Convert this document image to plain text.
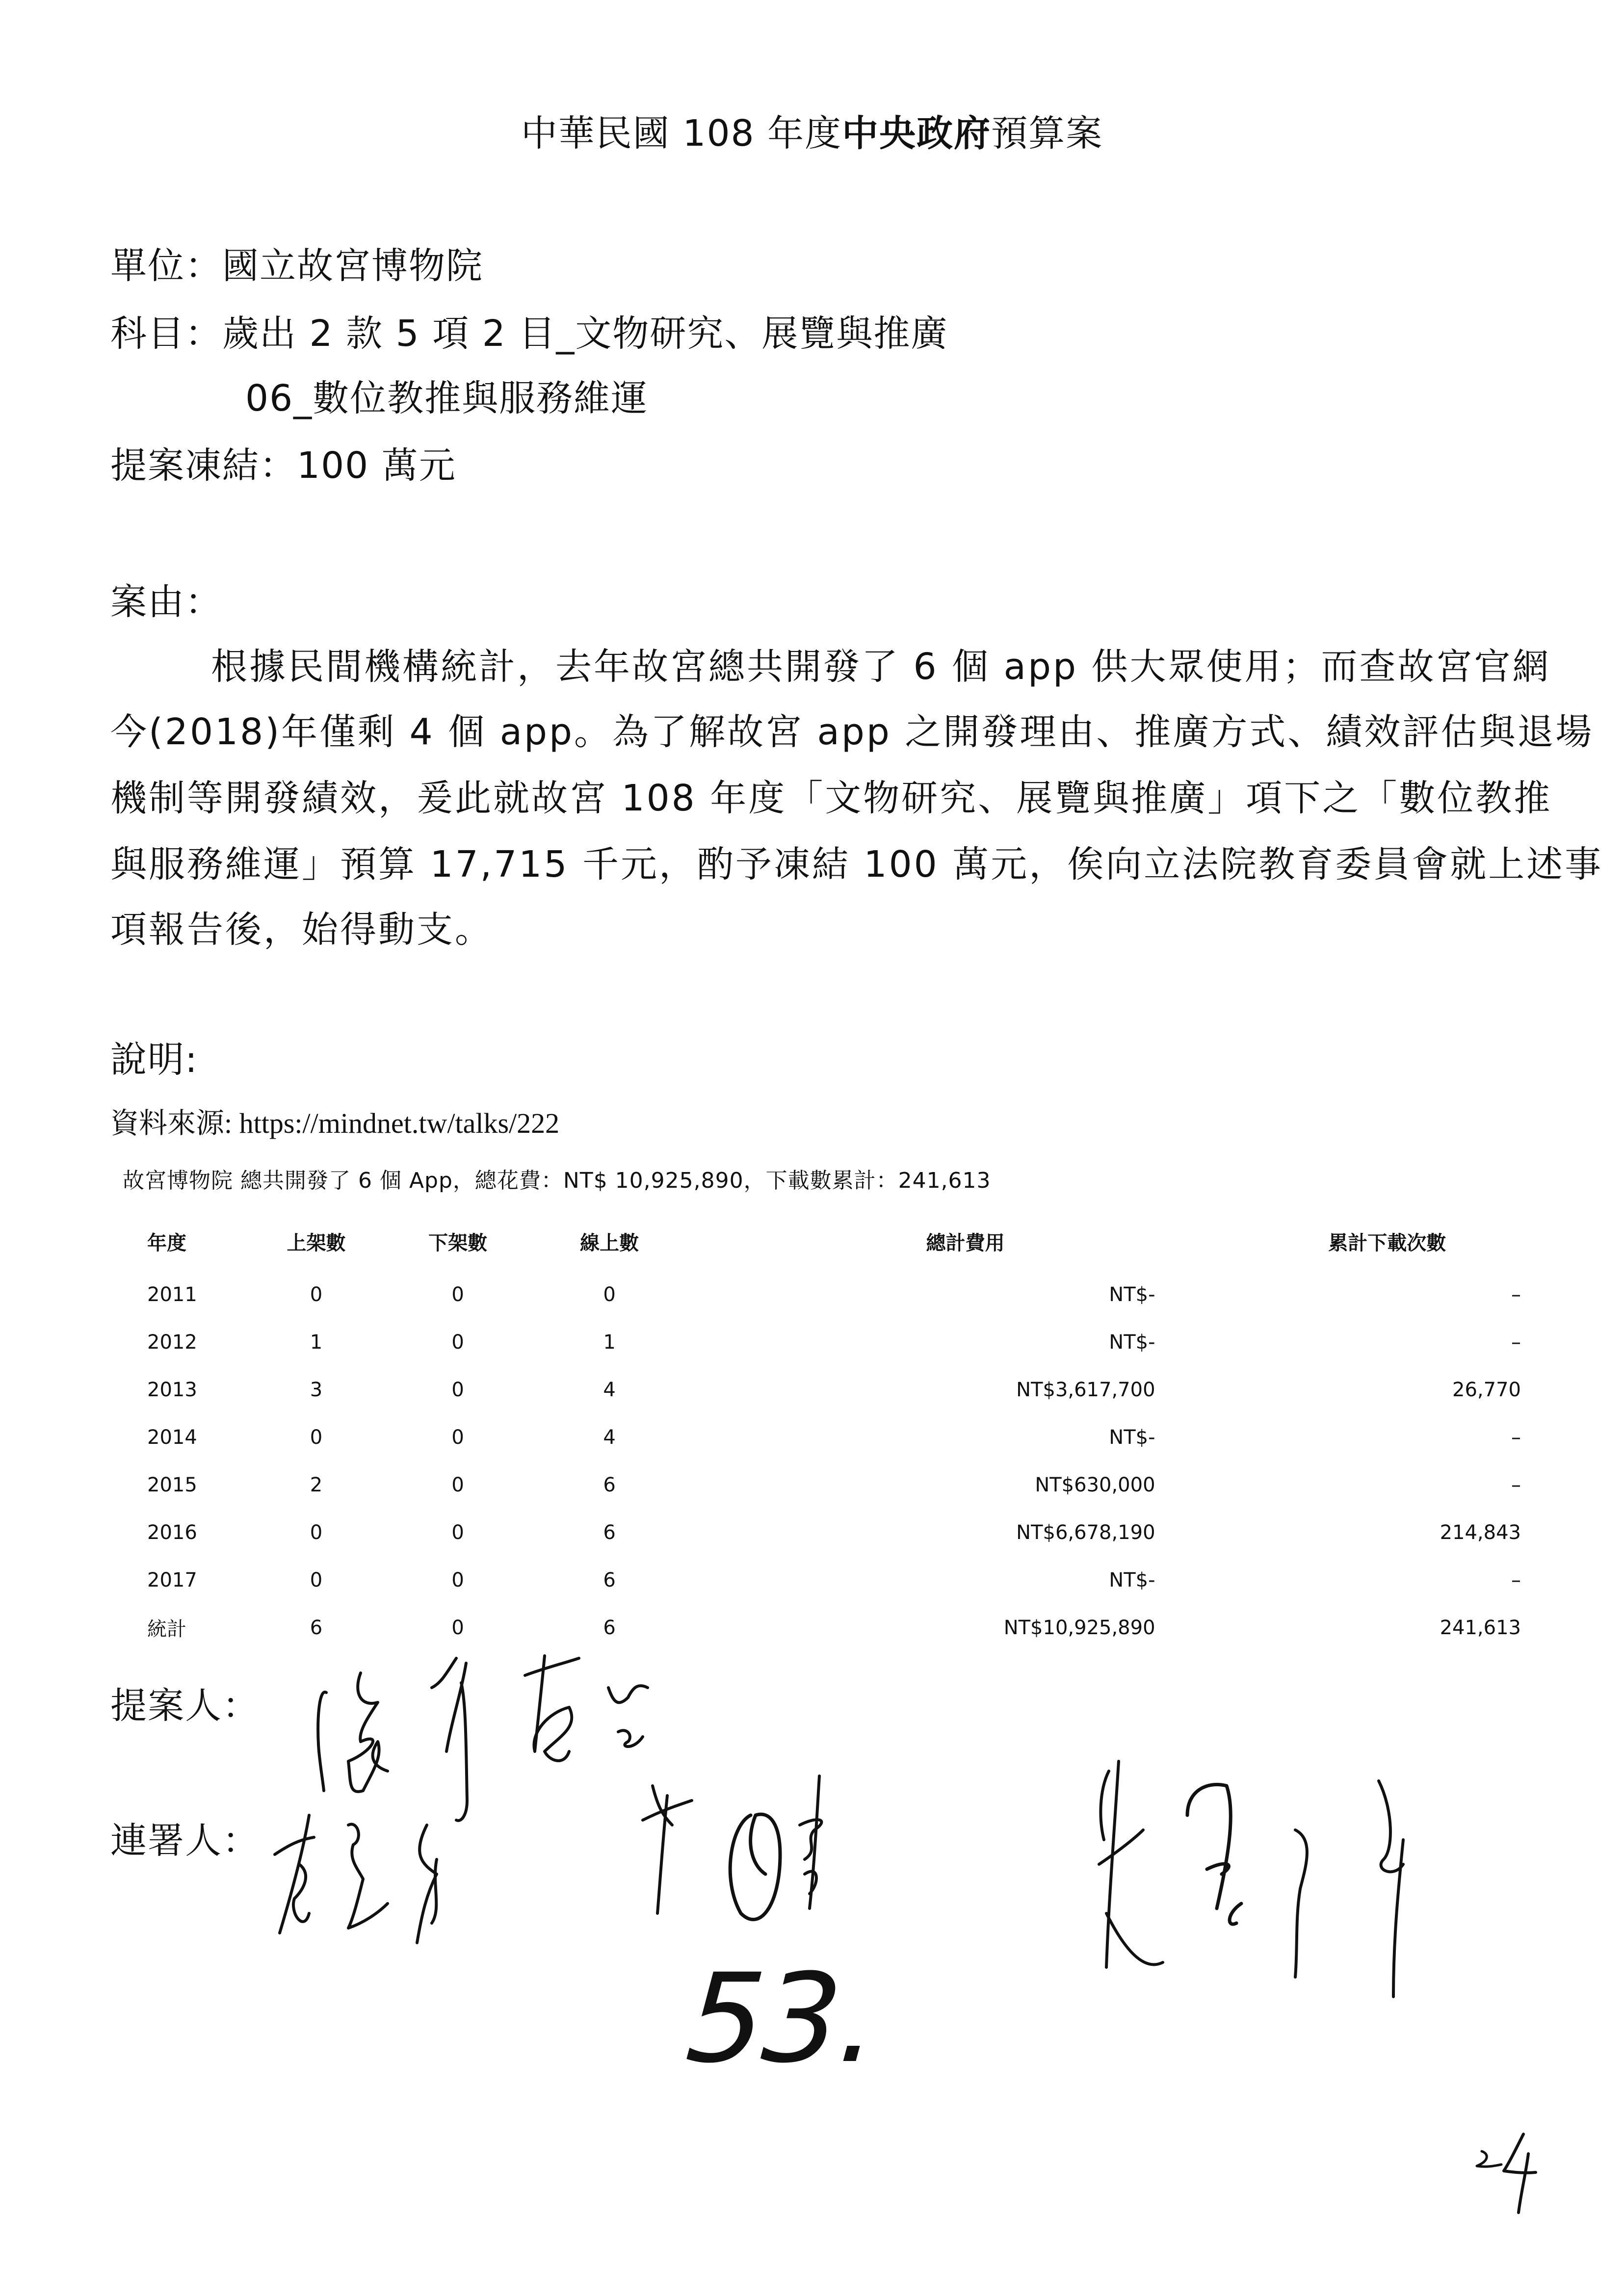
中華民國 108 年度中央政府預算案
單位：國立故宮博物院
科目：歲出 2 款 5 項 2 目_文物研究、展覽與推廣
06_數位教推與服務維運
提案凍結：100 萬元
案由：
根據民間機構統計，去年故宮總共開發了 6 個 app 供大眾使用；而查故宮官網
今(2018)年僅剩 4 個 app。為了解故宮 app 之開發理由、推廣方式、績效評估與退場
機制等開發績效，爰此就故宮 108 年度「文物研究、展覽與推廣」項下之「數位教推
與服務維運」預算 17,715 千元，酌予凍結 100 萬元，俟向立法院教育委員會就上述事
項報告後，始得動支。
說明:
資料來源: https://mindnet.tw/talks/222
故宮博物院 總共開發了 6 個 App，總花費：NT$ 10,925,890，下載數累計：241,613
年度	上架數	下架數	線上數	總計費用	累計下載次數
2011	0	0	0	NT$-	–
2012	1	0	1	NT$-	–
2013	3	0	4	NT$3,617,700	26,770
2014	0	0	4	NT$-	–
2015	2	0	6	NT$630,000	–
2016	0	0	6	NT$6,678,190	214,843
2017	0	0	6	NT$-	–
統計	6	0	6	NT$10,925,890	241,613
提案人：
連署人：
53.
